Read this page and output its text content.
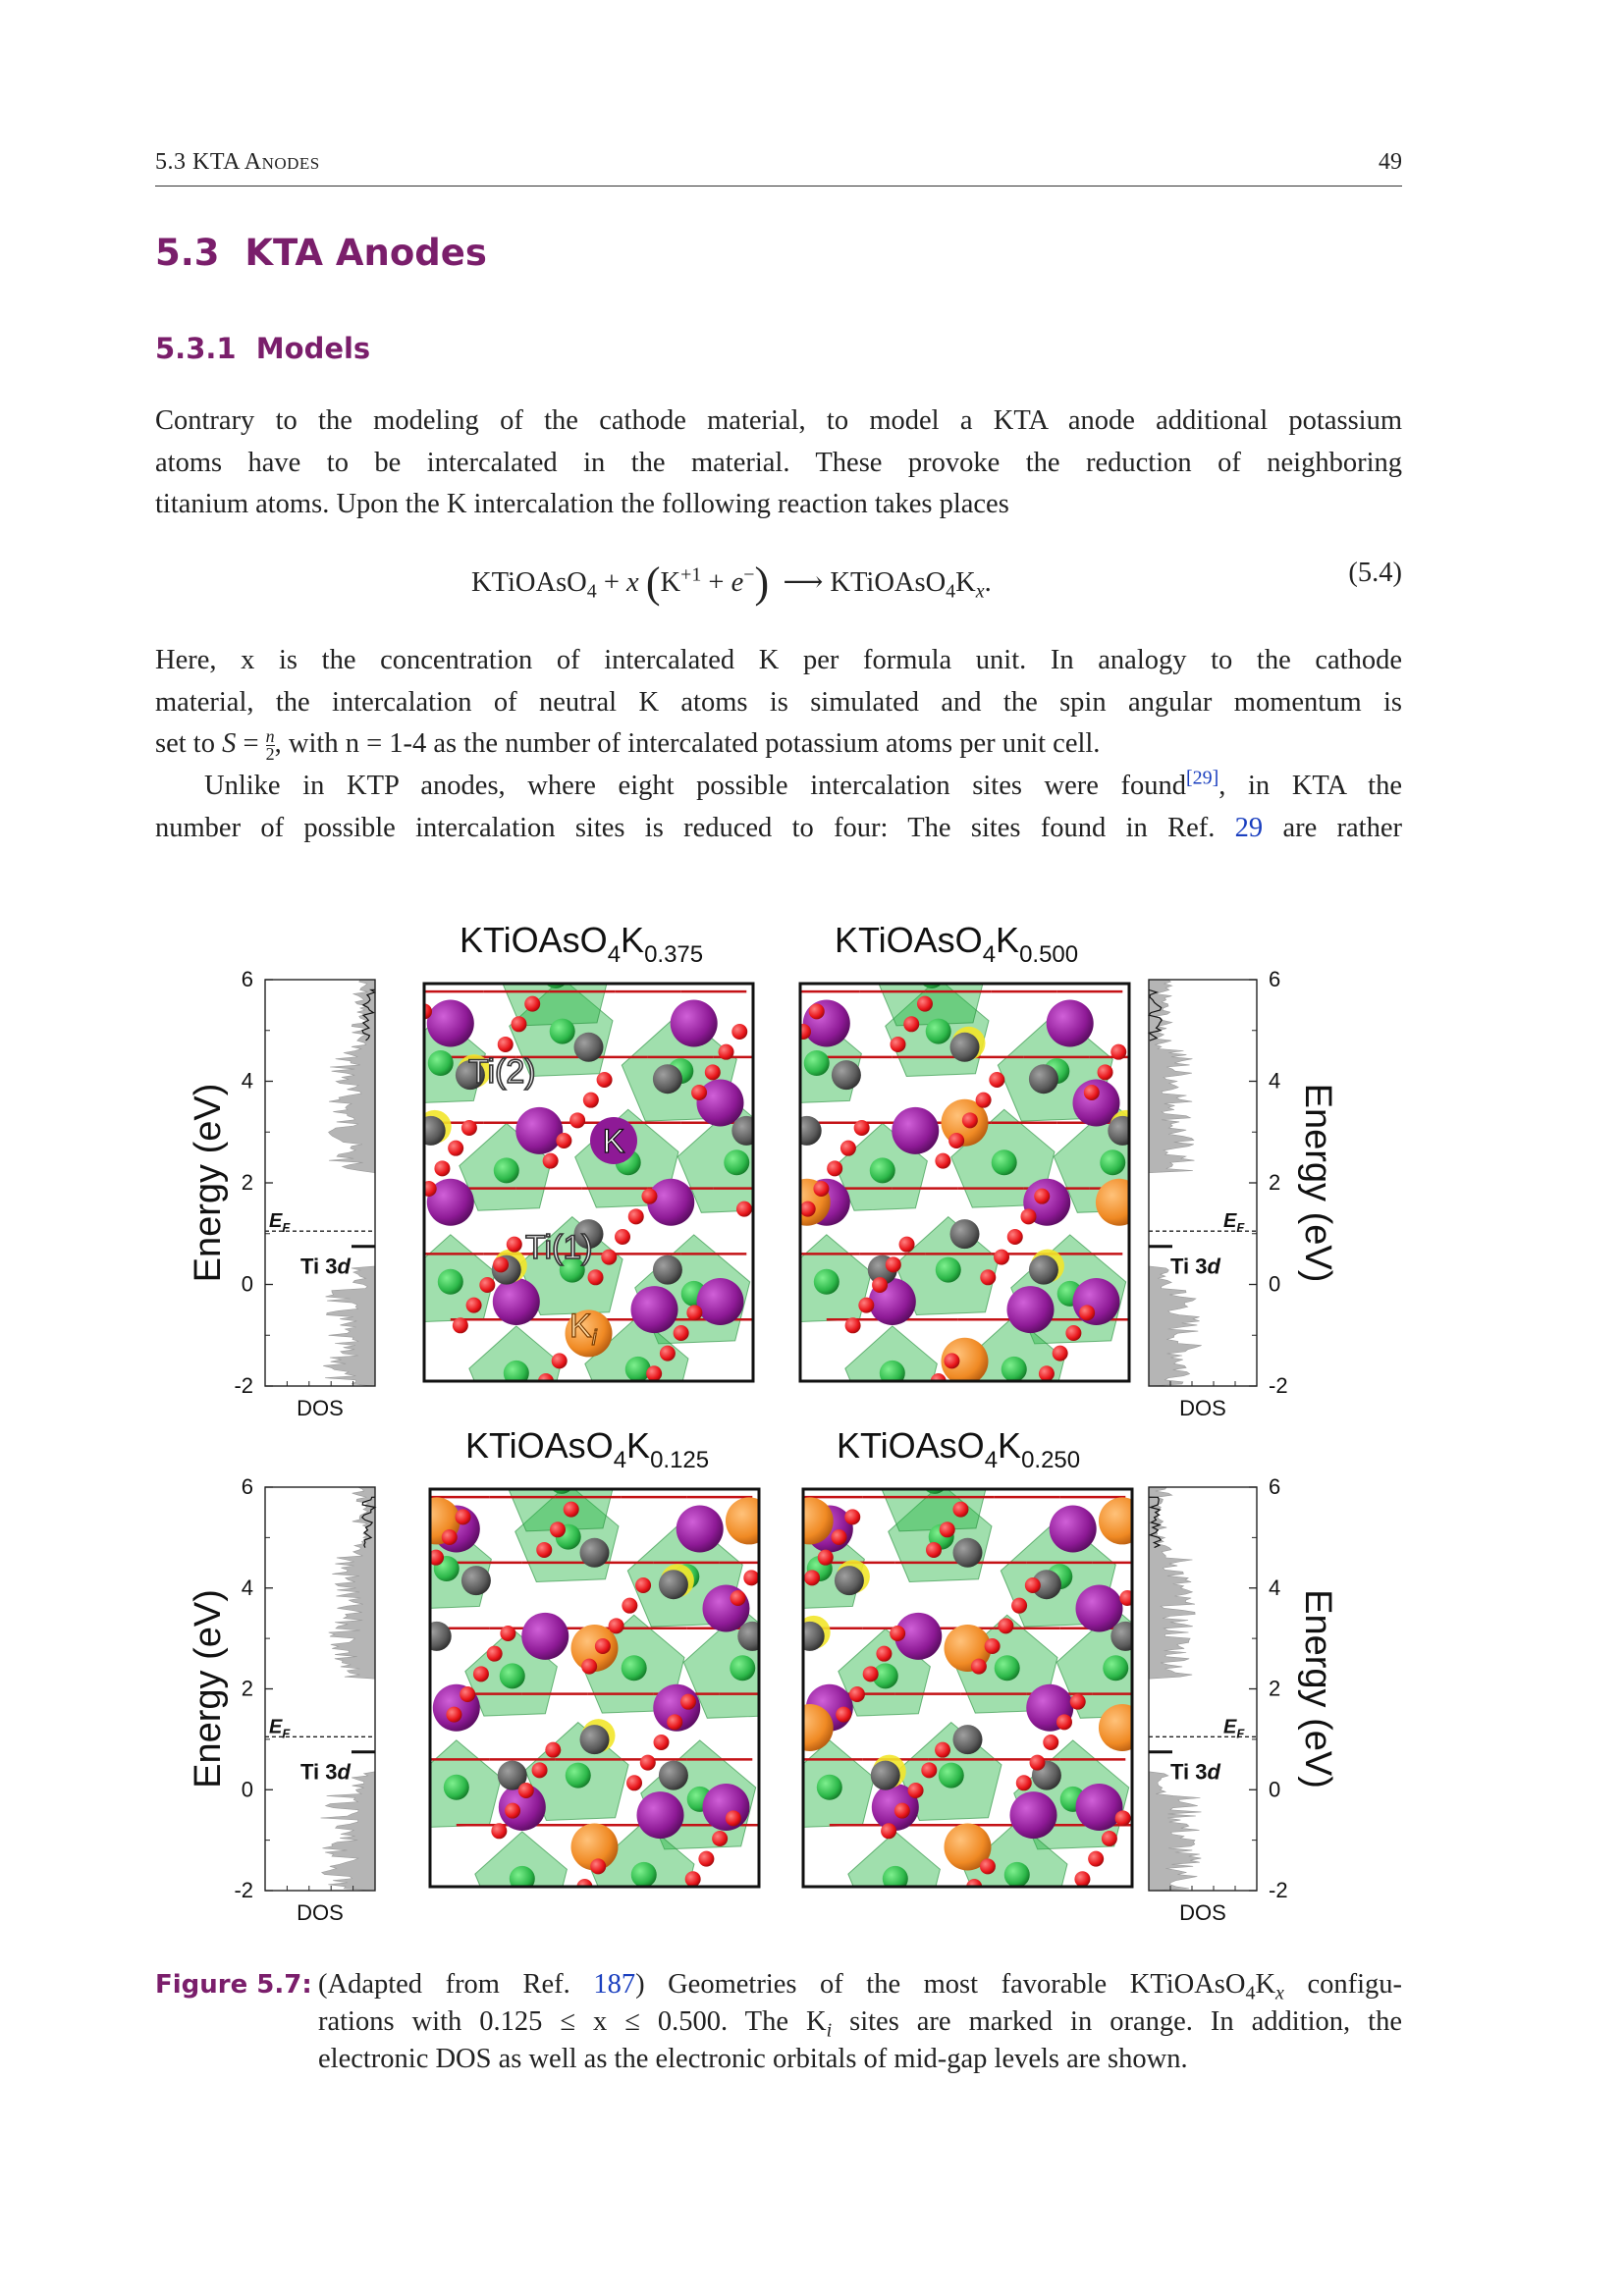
5.3 KTA Anodes	49
5.3 KTA Anodes
5.3.1 Models
Contrary to the modeling of the cathode material, to model a KTA anode additional potassium
atoms have to be intercalated in the material. These provoke the reduction of neighboring
titanium atoms. Upon the K intercalation the following reaction takes places
KTiOAsO$_4$ + x $(K^{+1} + e^-)$  ⟶ $KTiOAsO_4K_x$.	(5.4)
Here, x is the concentration of intercalated K per formula unit. In analogy to the cathode
material, the intercalation of neutral K atoms is simulated and the spin angular momentum is
set to $S = \frac{n}{2}$ , with n = 1-4 as the number of intercalated potassium atoms per unit cell.
Unlike in KTP anodes, where eight possible intercalation sites were found[29], in KTA the
number of possible intercalation sites is reduced to four: The sites found in Ref. 29 are rather
$KTiOAsO_4K_{0.375}$	$KTiOAsO_4K_{0.500}$
$KTiOAsO_4K_{0.125}$	$KTiOAsO_4K_{0.250}$
$E_F$
Ti 3d
6
4
2
0
-2
DOS
Energy (eV)	$E_F$
Ti 3d
6
4
2
0
-2
DOS
Energy (eV)
$E_F$
Ti 3d
6
4
2
0
-2
DOS
Energy (eV)	$E_F$
Ti 3d
6
4
2
0
-2
DOS
Energy (eV)
Ti(2)
K
Ti(1)
$K_i$
Figure 5.7: (Adapted from Ref. 187) Geometries of the most favorable $KTiOAsO_4K_x$ configu-
rations with 0.125 ≤ x ≤ 0.500. The $K_i$ sites are marked in orange. In addition, the
electronic DOS as well as the electronic orbitals of mid-gap levels are shown.
